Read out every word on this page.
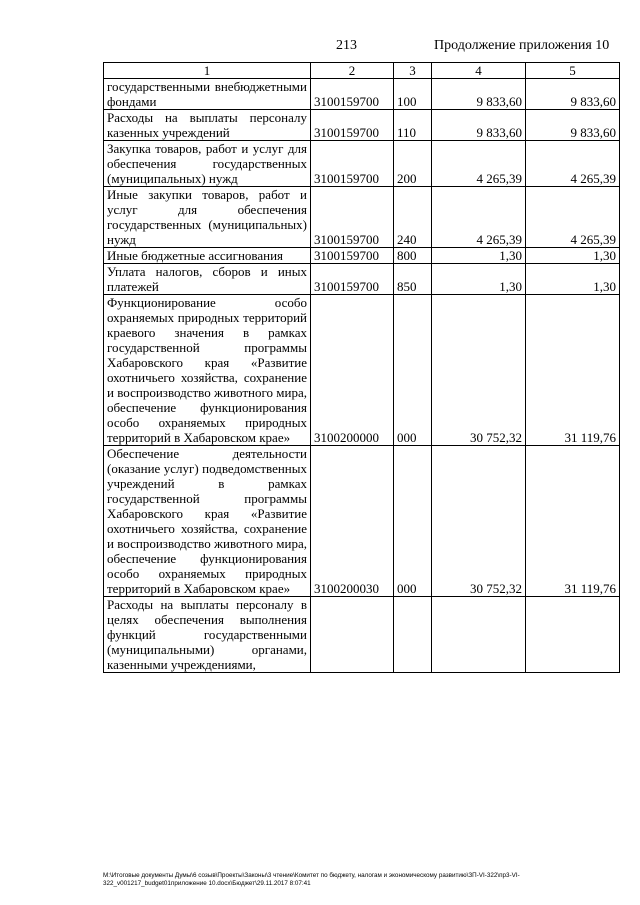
213	Продолжение приложения 10
1	2	3	4	5
государственными внебюджетными фондами	3100159700	100	9 833,60	9 833,60
Расходы на выплаты персоналу казенных учреждений	3100159700	110	9 833,60	9 833,60
Закупка товаров, работ и услуг для обеспечения государственных (муниципальных) нужд	3100159700	200	4 265,39	4 265,39
Иные закупки товаров, работ и услуг для обеспечения государственных (муниципальных) нужд	3100159700	240	4 265,39	4 265,39
Иные бюджетные ассигнования	3100159700	800	1,30	1,30
Уплата налогов, сборов и иных платежей	3100159700	850	1,30	1,30
Функционирование особо охраняемых природных территорий краевого значения в рамках государственной программы Хабаровского края «Развитие охотничьего хозяйства, сохранение и воспроизводство животного мира, обеспечение функционирования особо охраняемых природных территорий в Хабаровском крае»	3100200000	000	30 752,32	31 119,76
Обеспечение деятельности (оказание услуг) подведомственных учреждений в рамках государственной программы Хабаровского края «Развитие охотничьего хозяйства, сохранение и воспроизводство животного мира, обеспечение функционирования особо охраняемых природных территорий в Хабаровском крае»	3100200030	000	30 752,32	31 119,76
Расходы на выплаты персоналу в целях обеспечения выполнения функций государственными (муниципальными) органами, казенными учреждениями,				
M:\Итоговые документы Думы\6 созыв\Проекты\Законы\3 чтение\Комитет по бюджету, налогам и экономическому развитию\ЗП-VI-322\пр3-VI-322_v001217_budget01приложение 10.docx\Бюджет\29.11.2017 8:07:41
